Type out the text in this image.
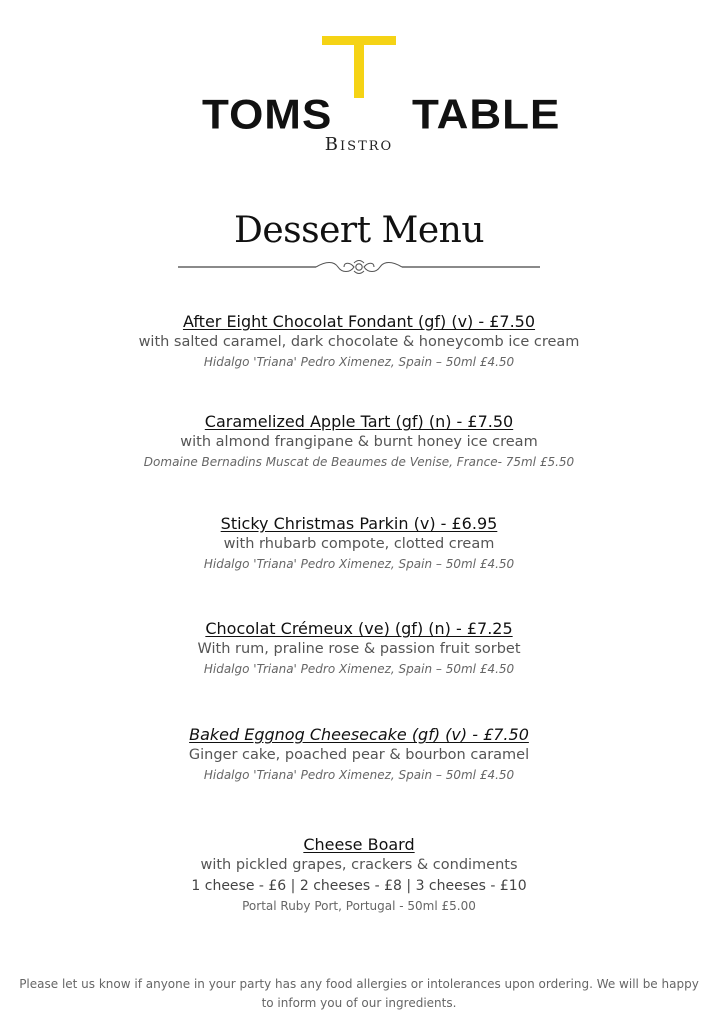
TOMS TABLE
Bistro
Dessert Menu

After Eight Chocolat Fondant (gf) (v) - £7.50

with salted caramel, dark chocolate & honeycomb ice cream

Hidalgo 'Triana' Pedro Ximenez, Spain – 50ml £4.50

Caramelized Apple Tart (gf) (n) - £7.50

with almond frangipane & burnt honey ice cream

Domaine Bernadins Muscat de Beaumes de Venise, France- 75ml £5.50

Sticky Christmas Parkin (v) - £6.95

with rhubarb compote, clotted cream

Hidalgo 'Triana' Pedro Ximenez, Spain – 50ml £4.50

Chocolat Crémeux (ve) (gf) (n) - £7.25

With rum, praline rose & passion fruit sorbet

Hidalgo 'Triana' Pedro Ximenez, Spain – 50ml £4.50

Baked Eggnog Cheesecake (gf) (v) - £7.50

Ginger cake, poached pear & bourbon caramel

Hidalgo 'Triana' Pedro Ximenez, Spain – 50ml £4.50

Cheese Board

with pickled grapes, crackers & condiments

1 cheese - £6 | 2 cheeses - £8 | 3 cheeses - £10

Portal Ruby Port, Portugal - 50ml £5.00

Please let us know if anyone in your party has any food allergies or intolerances upon ordering. We will be happy to inform you of our ingredients.
